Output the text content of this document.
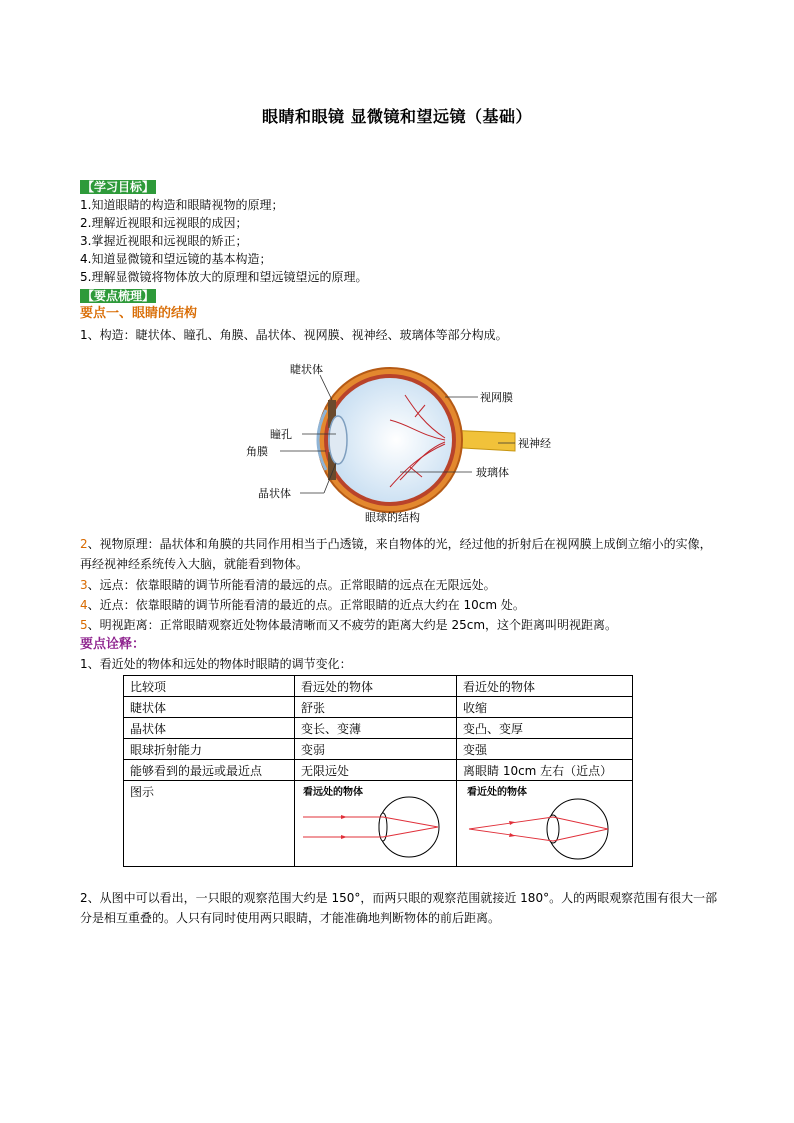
眼睛和眼镜 显微镜和望远镜（基础）
【学习目标】
1.知道眼睛的构造和眼睛视物的原理；
2.理解近视眼和远视眼的成因；
3.掌握近视眼和远视眼的矫正；
4.知道显微镜和望远镜的基本构造；
5.理解显微镜将物体放大的原理和望远镜望远的原理。
【要点梳理】
要点一、眼睛的结构
1、构造：睫状体、瞳孔、角膜、晶状体、视网膜、视神经、玻璃体等部分构成。
睫状体
视网膜
瞳孔
角膜
视神经
玻璃体
晶状体
眼球的结构
2、视物原理：晶状体和角膜的共同作用相当于凸透镜，来自物体的光，经过他的折射后在视网膜上成倒立缩小的实像，再经视神经系统传入大脑，就能看到物体。
3、远点：依靠眼睛的调节所能看清的最远的点。正常眼睛的远点在无限远处。
4、近点：依靠眼睛的调节所能看清的最近的点。正常眼睛的近点大约在 10cm 处。
5、明视距离：正常眼睛观察近处物体最清晰而又不疲劳的距离大约是 25cm，这个距离叫明视距离。
要点诠释：
1、看近处的物体和远处的物体时眼睛的调节变化：
比较项	看远处的物体	看近处的物体
睫状体	舒张	收缩
晶状体	变长、变薄	变凸、变厚
眼球折射能力	变弱	变强
能够看到的最远或最近点	无限远处	离眼睛 10cm 左右（近点）
图示	看远处的物体	看近处的物体
2、从图中可以看出，一只眼的观察范围大约是 150°，而两只眼的观察范围就接近 180°。人的两眼观察范围有很大一部分是相互重叠的。人只有同时使用两只眼睛，才能准确地判断物体的前后距离。
